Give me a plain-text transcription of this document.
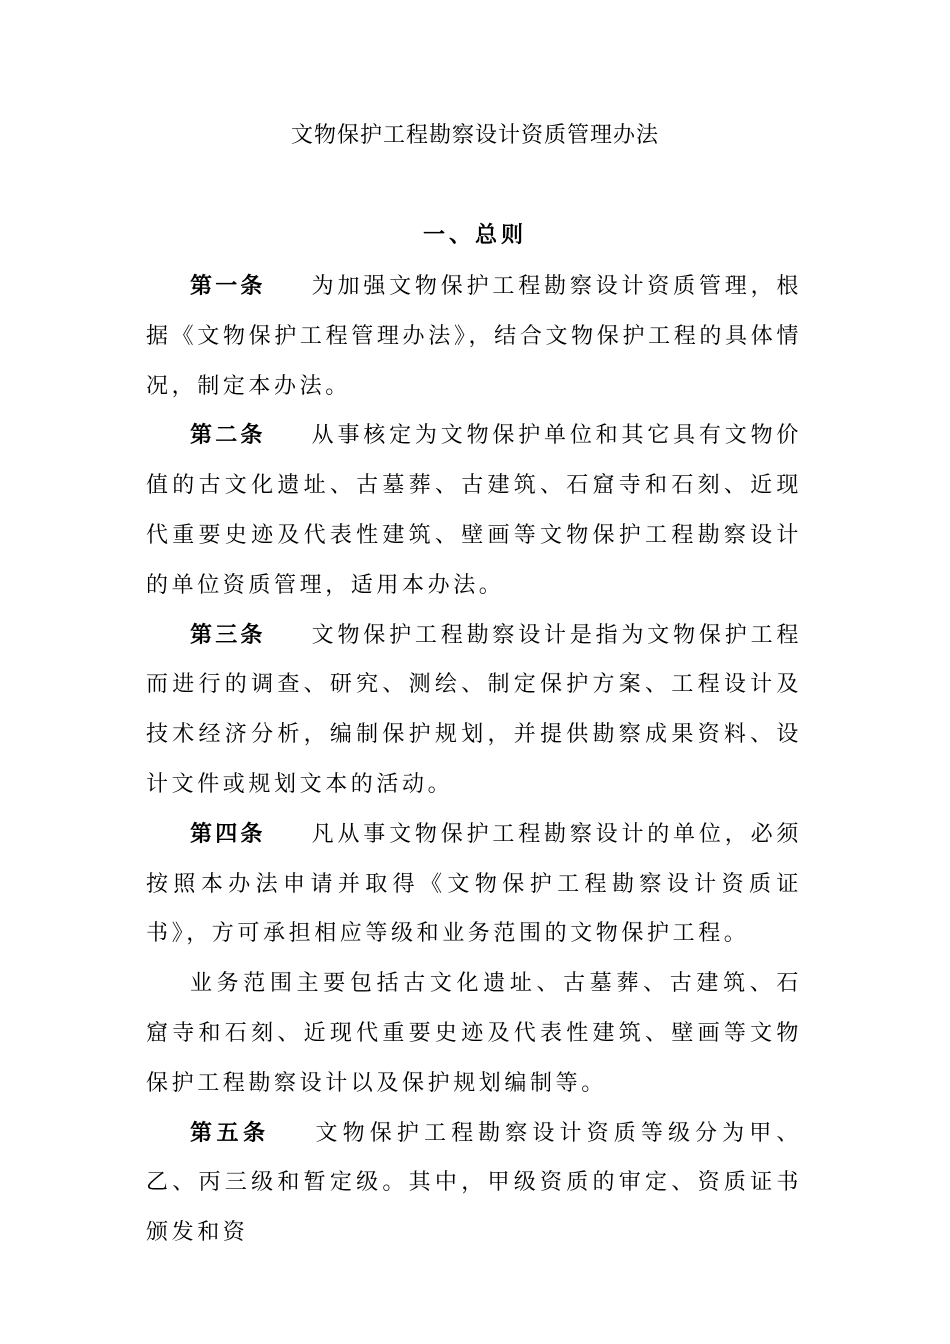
文物保护工程勘察设计资质管理办法
一、总则

第一条 为加强文物保护工程勘察设计资质管理，根据《文物保护工程管理办法》，结合文物保护工程的具体情况，制定本办法。

第二条 从事核定为文物保护单位和其它具有文物价值的古文化遗址、古墓葬、古建筑、石窟寺和石刻、近现代重要史迹及代表性建筑、壁画等文物保护工程勘察设计的单位资质管理，适用本办法。

第三条 文物保护工程勘察设计是指为文物保护工程而进行的调查、研究、测绘、制定保护方案、工程设计及技术经济分析，编制保护规划，并提供勘察成果资料、设计文件或规划文本的活动。

第四条 凡从事文物保护工程勘察设计的单位，必须按照本办法申请并取得《文物保护工程勘察设计资质证书》，方可承担相应等级和业务范围的文物保护工程。

业务范围主要包括古文化遗址、古墓葬、古建筑、石窟寺和石刻、近现代重要史迹及代表性建筑、壁画等文物保护工程勘察设计以及保护规划编制等。

第五条 文物保护工程勘察设计资质等级分为甲、乙、丙三级和暂定级。其中，甲级资质的审定、资质证书颁发和资
